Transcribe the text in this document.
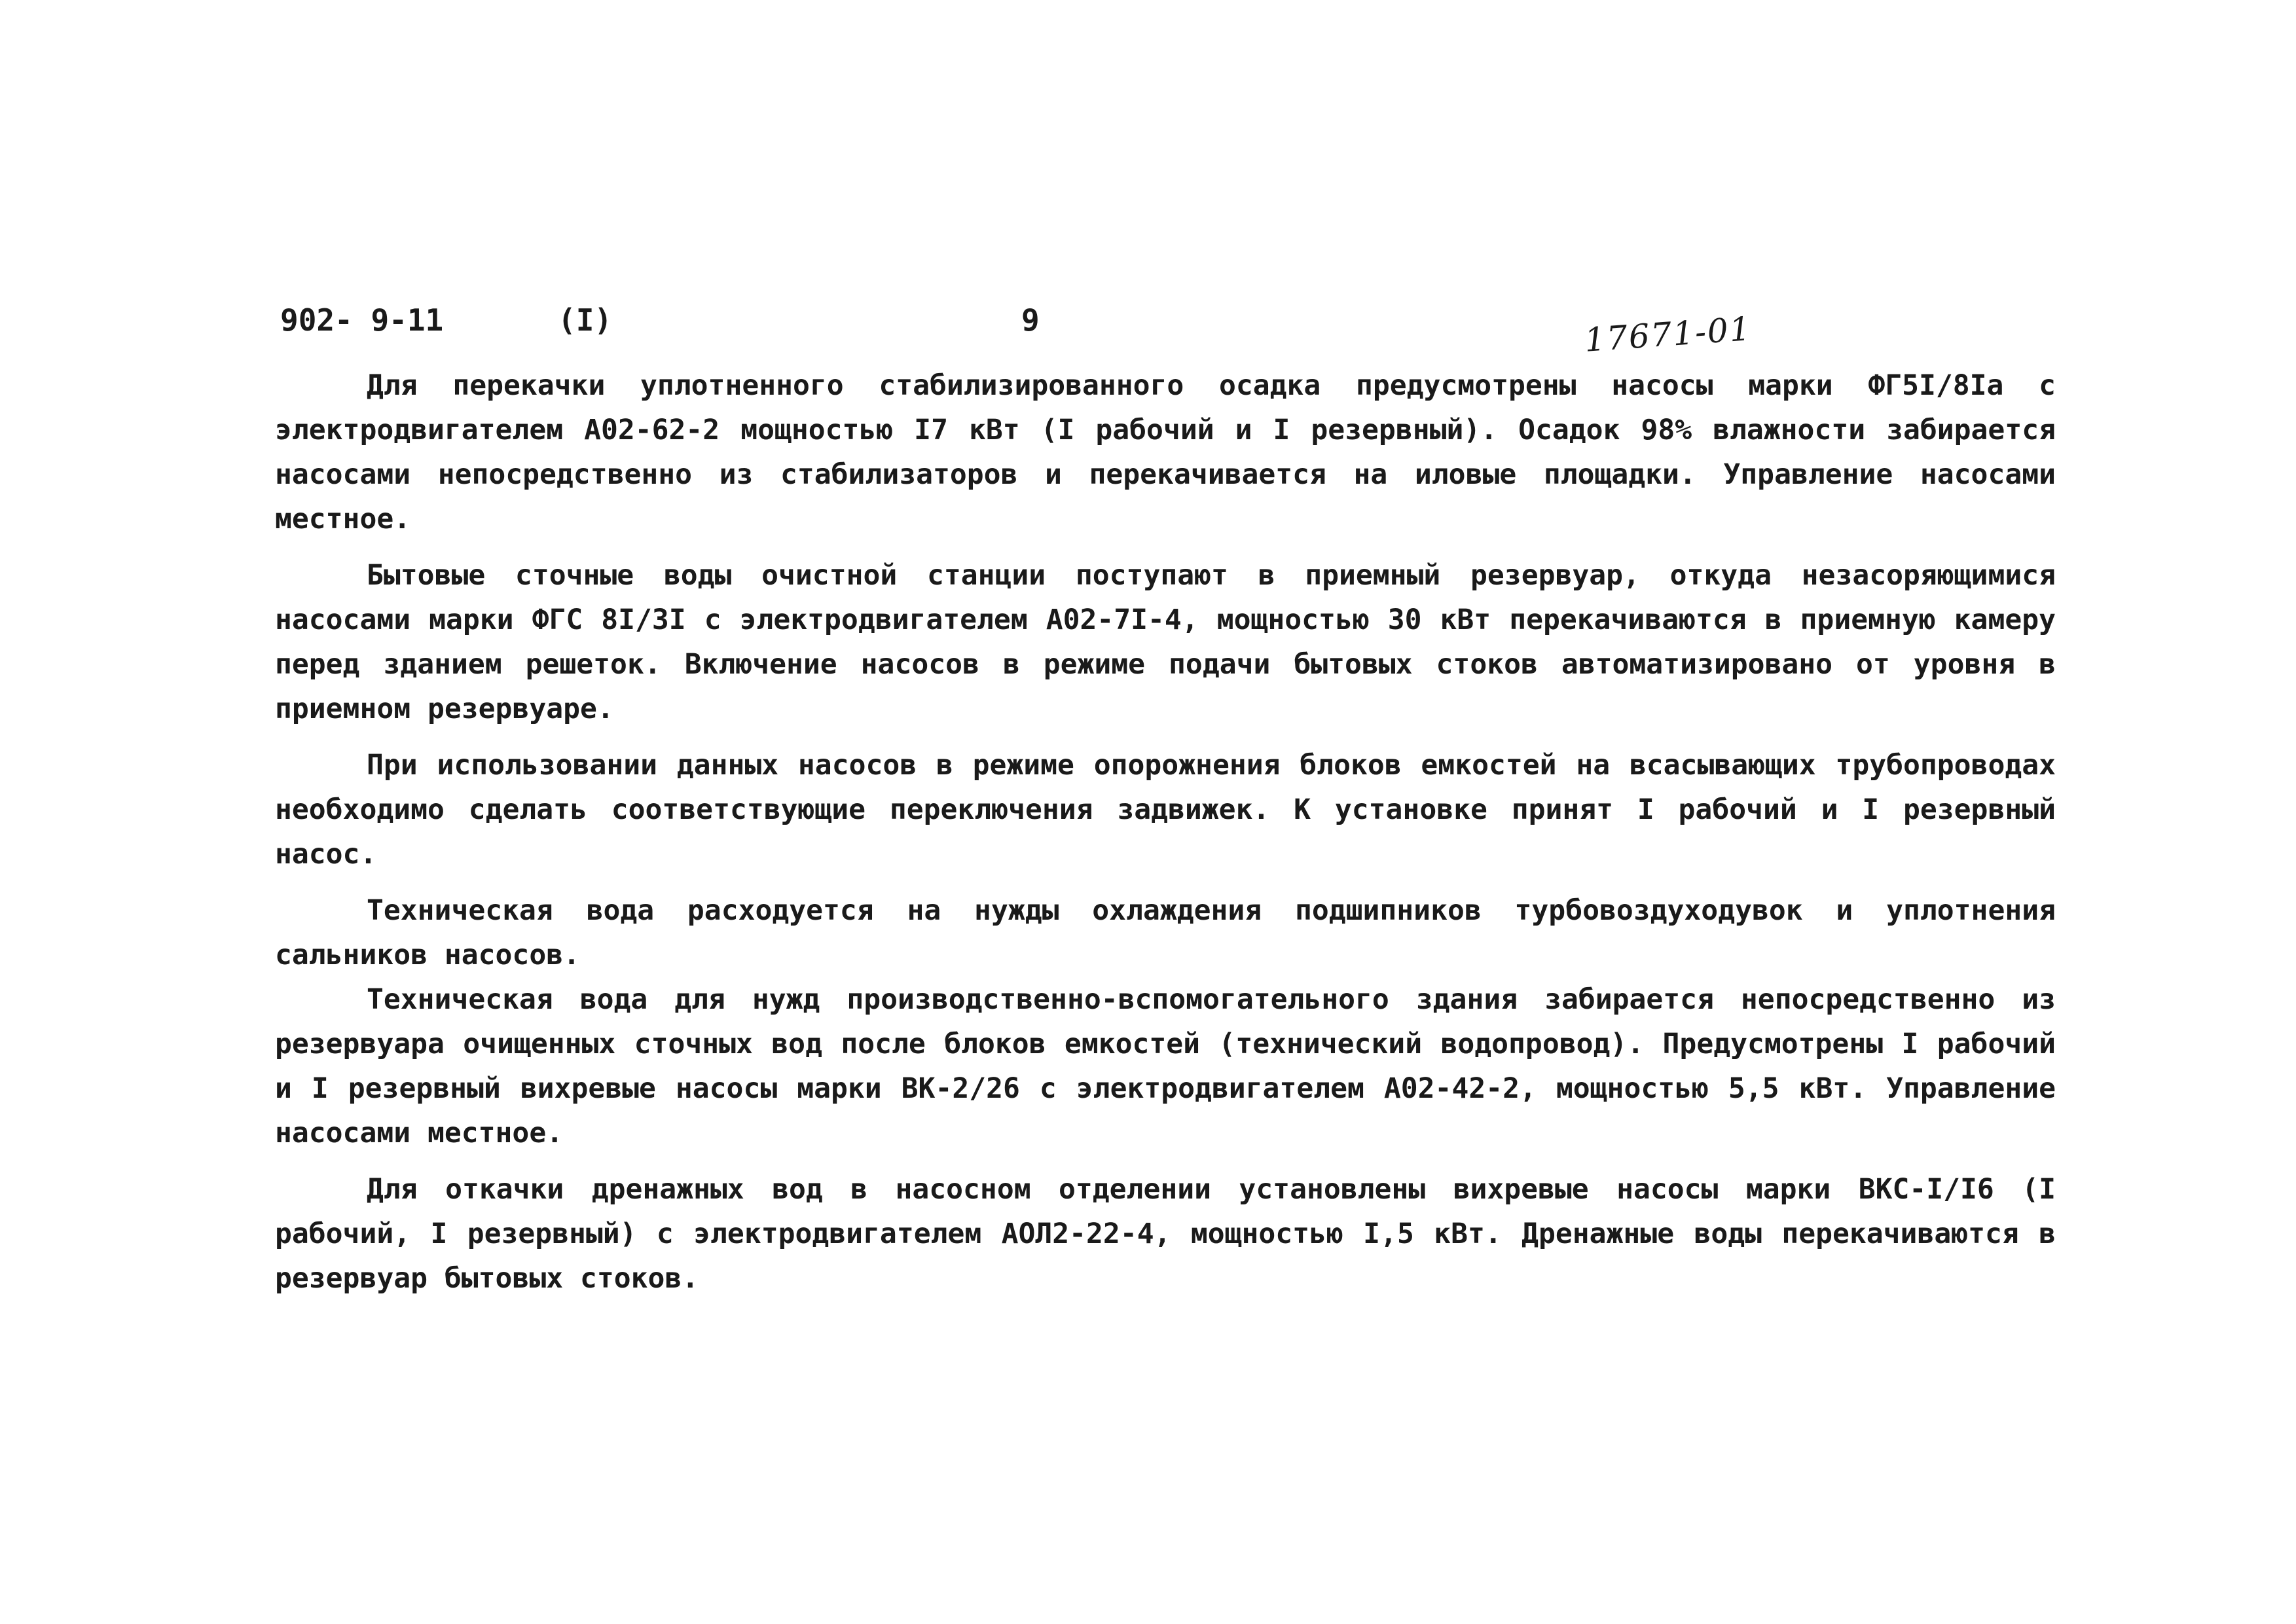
902- 9-11	(I)	9	17671-01

Для перекачки уплотненного стабилизированного осадка предусмотрены насосы марки ФГ5I/8Iа с электродвигателем А02-62-2 мощностью I7 кВт (I рабочий и I резервный). Осадок 98% влажности забирается насосами непосредственно из стабилизаторов и перекачивается на иловые площадки. Управление насосами местное.

Бытовые сточные воды очистной станции поступают в приемный резервуар, откуда незасоряющимися насосами марки ФГС 8I/3I с электродвигателем А02-7I-4, мощностью 30 кВт перекачиваются в приемную камеру перед зданием решеток. Включение насосов в режиме подачи бытовых стоков автоматизировано от уровня в приемном резервуаре.

При использовании данных насосов в режиме опорожнения блоков емкостей на всасывающих трубопроводах необходимо сделать соответствующие переключения задвижек. К установке принят I рабочий и I резервный насос.

Техническая вода расходуется на нужды охлаждения подшипников турбовоздуходувок и уплотнения сальников насосов.

Техническая вода для нужд производственно-вспомогательного здания забирается непосредственно из резервуара очищенных сточных вод после блоков емкостей (технический водопровод). Предусмотрены I рабочий и I резервный вихревые насосы марки ВК-2/26 с электродвигателем А02-42-2, мощностью 5,5 кВт. Управление насосами местное.

Для откачки дренажных вод в насосном отделении установлены вихревые насосы марки ВКС-I/I6 (I рабочий, I резервный) с электродвигателем АОЛ2-22-4, мощностью I,5 кВт. Дренажные воды перекачиваются в резервуар бытовых стоков.
